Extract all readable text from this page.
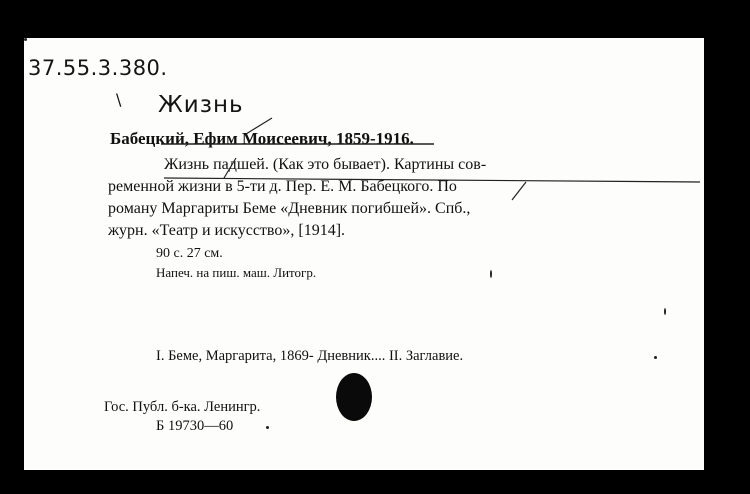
37.55.3.380.
\ Жизнь
Бабецкий, Ефим Моисеевич, 1859-1916.
Жизнь падшей. (Как это бывает). Картины сов-
ременной жизни в 5-ти д. Пер. Е. М. Бабецкого. По
роману Маргариты Беме «Дневник погибшей». Спб.,
журн. «Театр и искусство», [1914].
90 с. 27 см.
Напеч. на пиш. маш. Литогр.
I. Беме, Маргарита, 1869- Дневник.... II. Заглавие.
Гос. Публ. б-ка. Ленингр.
Б 19730—60
